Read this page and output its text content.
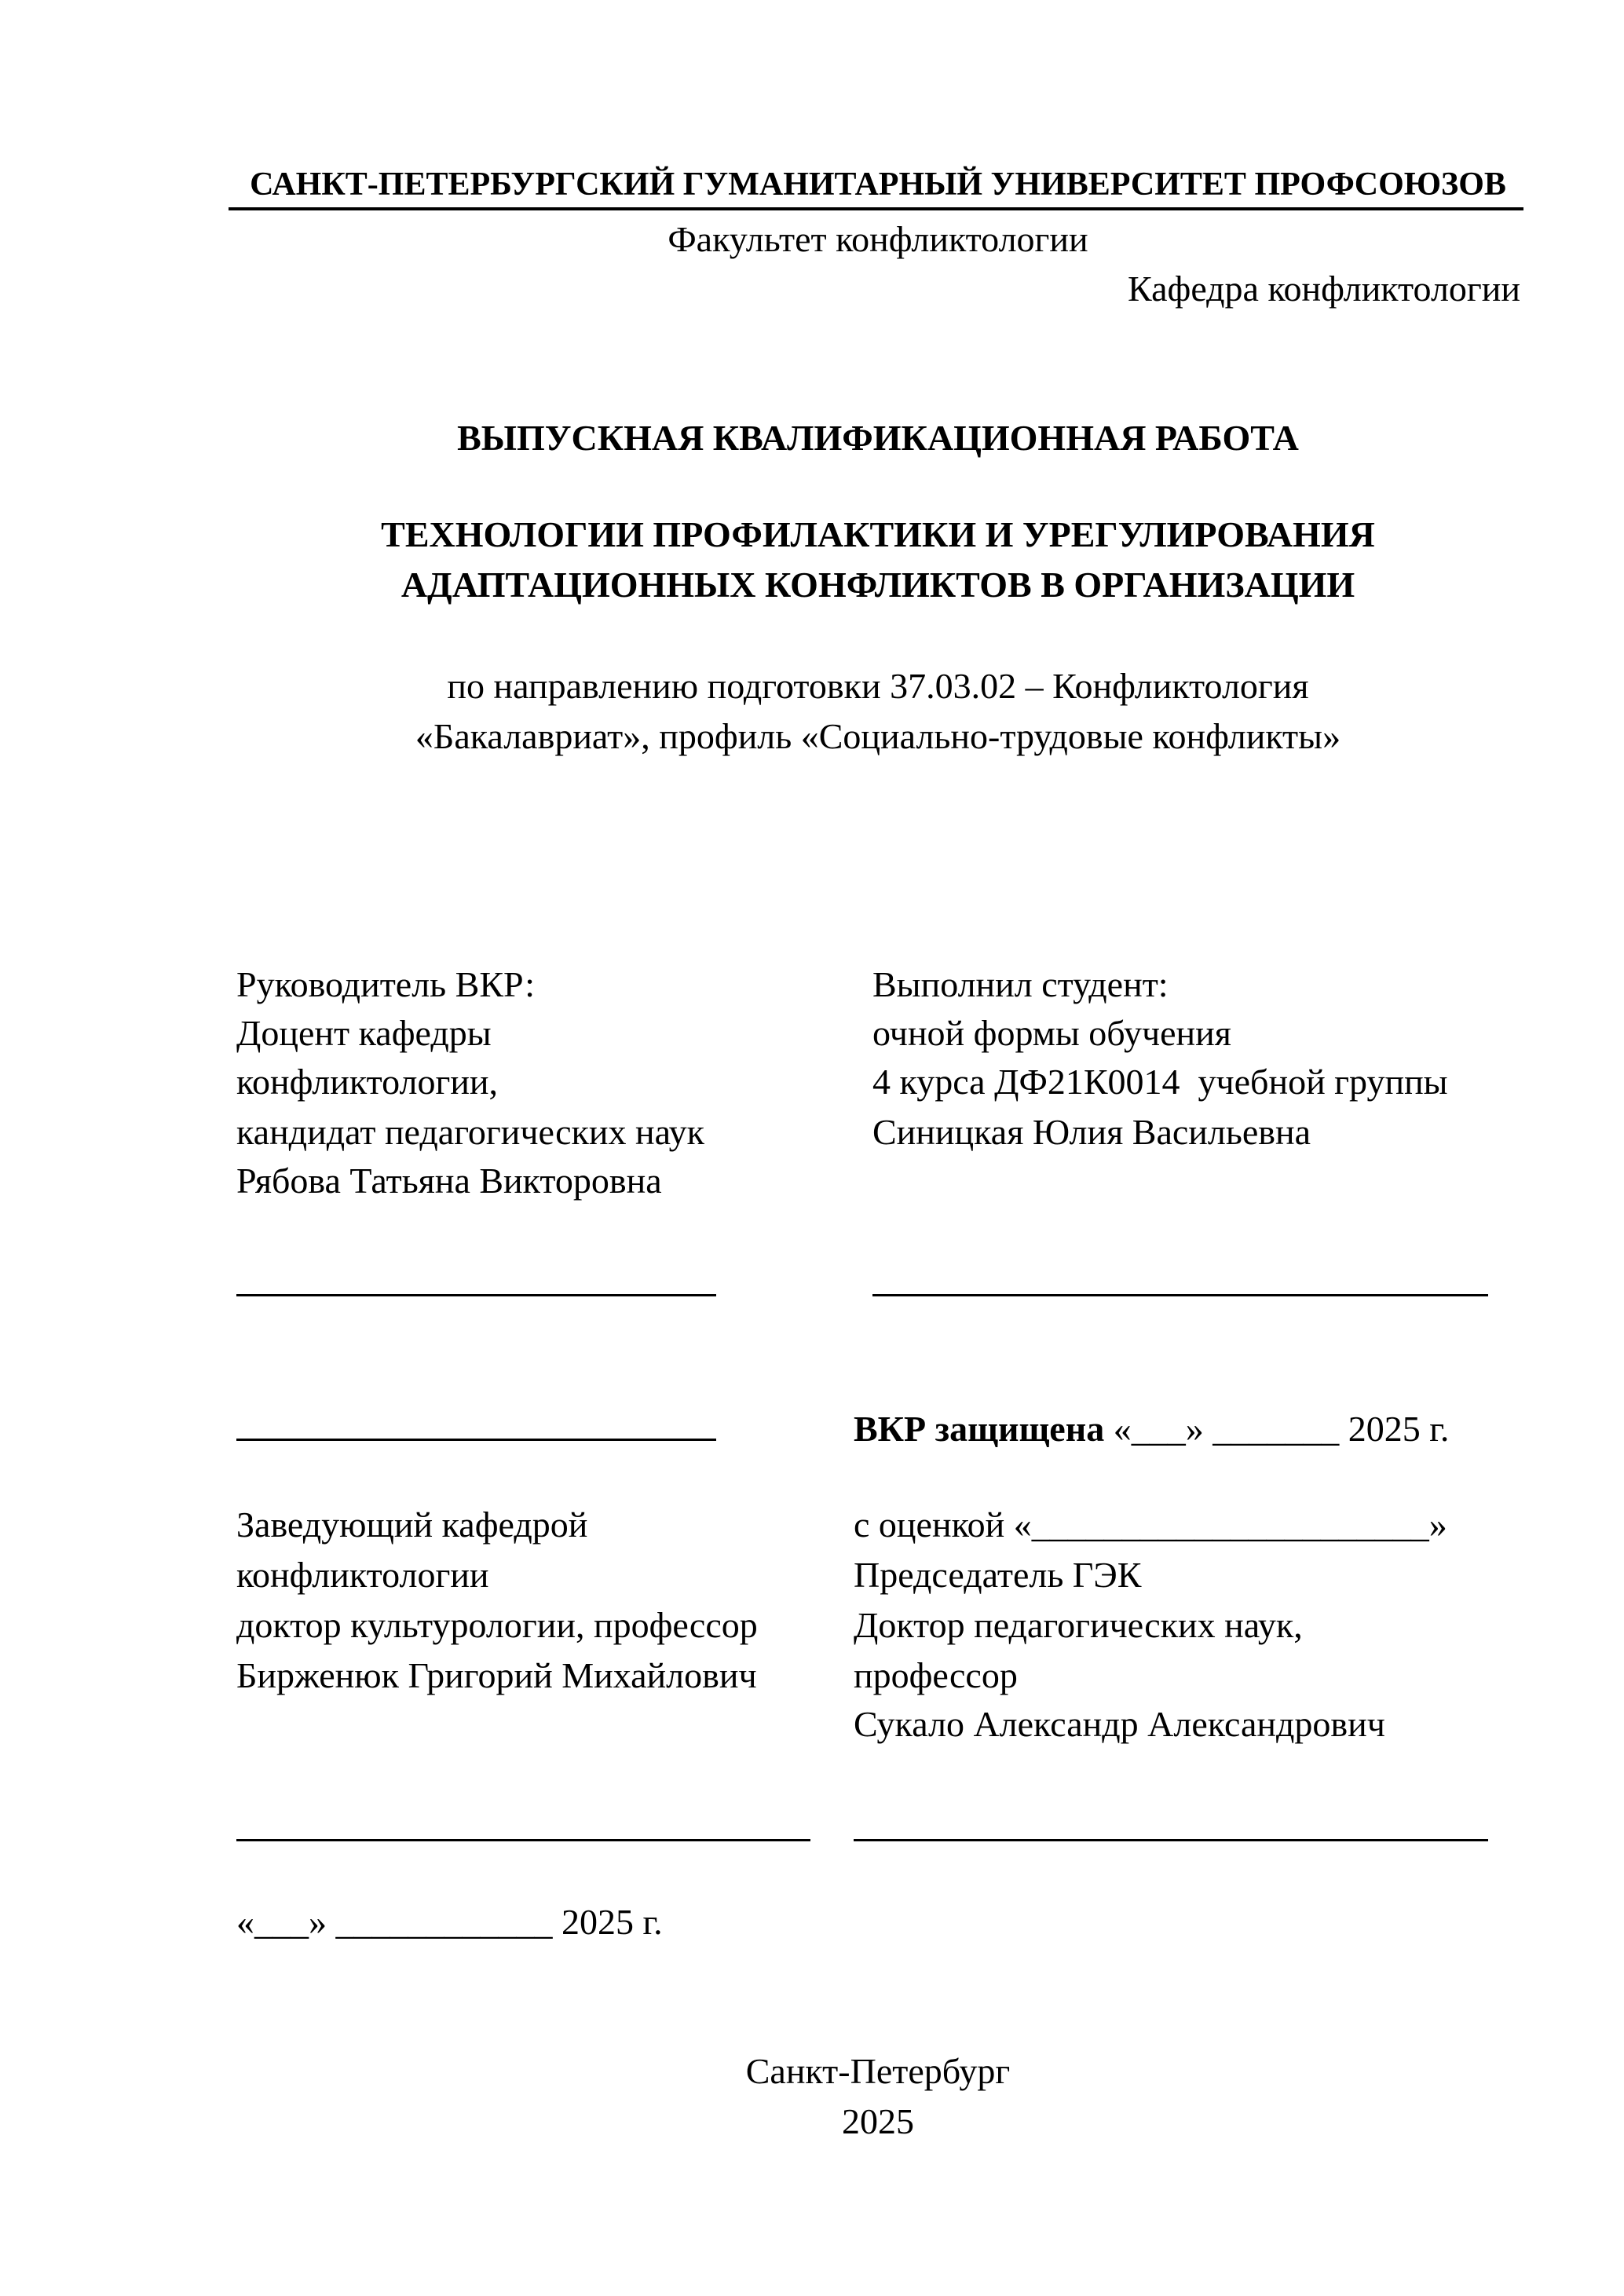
САНКТ-ПЕТЕРБУРГСКИЙ ГУМАНИТАРНЫЙ УНИВЕРСИТЕТ ПРОФСОЮЗОВ
Факультет конфликтологии
Кафедра конфликтологии
ВЫПУСКНАЯ КВАЛИФИКАЦИОННАЯ РАБОТА
ТЕХНОЛОГИИ ПРОФИЛАКТИКИ И УРЕГУЛИРОВАНИЯ
АДАПТАЦИОННЫХ КОНФЛИКТОВ В ОРГАНИЗАЦИИ
по направлению подготовки 37.03.02 – Конфликтология
«Бакалавриат», профиль «Социально-трудовые конфликты»
Руководитель ВКР:
Доцент кафедры
конфликтологии,
кандидат педагогических наук
Рябова Татьяна Викторовна
Выполнил студент:
очной формы обучения
4 курса ДФ21К0014  учебной группы
Синицкая Юлия Васильевна
ВКР защищена «___» _______ 2025 г.
Заведующий кафедрой
конфликтологии
доктор культурологии, профессор
Бирженюк Григорий Михайлович
с оценкой «______________________»
Председатель ГЭК
Доктор педагогических наук,
профессор
Сукало Александр Александрович
«___» ____________ 2025 г.
Санкт-Петербург
2025
